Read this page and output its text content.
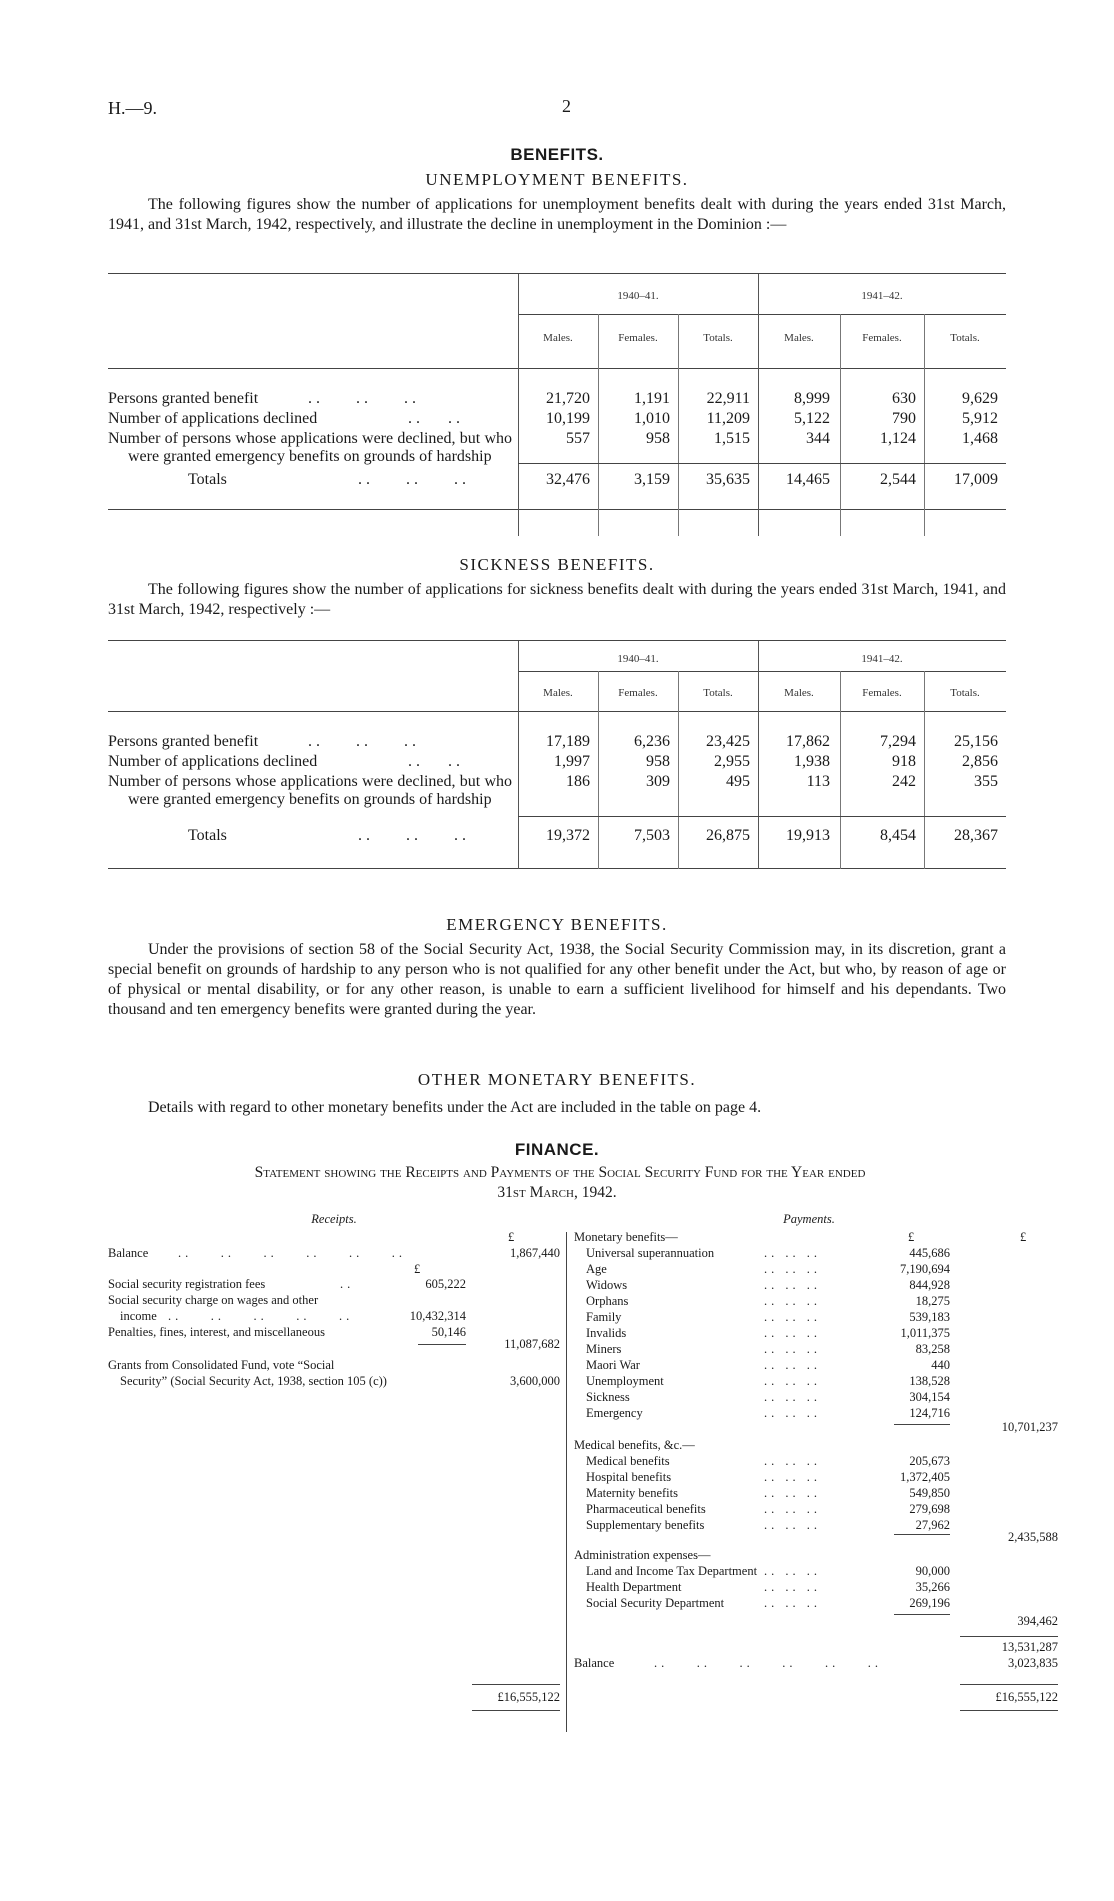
H.—9.	2
BENEFITS.
UNEMPLOYMENT BENEFITS.
The following figures show the number of applications for unemployment benefits dealt with during the years ended 31st March, 1941, and 31st March, 1942, respectively, and illustrate the decline in unemployment in the Dominion :—
1940–41.	1941–42.
Males.	Females.	Totals.	Males.	Females.	Totals.
Persons granted benefit	..    ..    ..	21,720	1,191	22,911	8,999	630	9,629
Number of applications declined	..   ..	10,199	1,010	11,209	5,122	790	5,912
Number of persons whose applications were declined, but who were granted emergency benefits on grounds of hardship
557	958	1,515	344	1,124	1,468
Totals	..    ..    ..	32,476	3,159	35,635	14,465	2,544	17,009
SICKNESS BENEFITS.
The following figures show the number of applications for sickness benefits dealt with during the years ended 31st March, 1941, and 31st March, 1942, respectively :—
1940–41.	1941–42.
Males.	Females.	Totals.	Males.	Females.	Totals.
Persons granted benefit	..    ..    ..	17,189	6,236	23,425	17,862	7,294	25,156
Number of applications declined	..   ..	1,997	958	2,955	1,938	918	2,856
Number of persons whose applications were declined, but who were granted emergency benefits on grounds of hardship
186	309	495	113	242	355
Totals	..    ..    ..	19,372	7,503	26,875	19,913	8,454	28,367
EMERGENCY BENEFITS.
Under the provisions of section 58 of the Social Security Act, 1938, the Social Security Commission may, in its discretion, grant a special benefit on grounds of hardship to any person who is not qualified for any other benefit under the Act, but who, by reason of age or of physical or mental disability, or for any other reason, is unable to earn a sufficient livelihood for himself and his dependants. Two thousand and ten emergency benefits were granted during the year.
OTHER MONETARY BENEFITS.
Details with regard to other monetary benefits under the Act are included in the table on page 4.
FINANCE.
Statement showing the Receipts and Payments of the Social Security Fund for the Year ended
31st March, 1942.
Receipts.
£
Balance ..    ..    ..    ..    ..    ..	1,867,440
£
Social security registration fees	..	605,222
Social security charge on wages and other
income ..    ..    ..    ..    ..	10,432,314
Penalties, fines, interest, and miscellaneous	50,146
11,087,682
Grants from Consolidated Fund, vote “Social
Security” (Social Security Act, 1938, section 105 (c))	3,600,000
£16,555,122
Payments.
Monetary benefits—	£	£
Universal superannuation	.. .. ..	445,686
Age	.. .. ..	7,190,694
Widows	.. .. ..	844,928
Orphans	.. .. ..	18,275
Family	.. .. ..	539,183
Invalids	.. .. ..	1,011,375
Miners	.. .. ..	83,258
Maori War	.. .. ..	440
Unemployment	.. .. ..	138,528
Sickness	.. .. ..	304,154
Emergency	.. .. ..	124,716
10,701,237
Medical benefits, &c.—
Medical benefits	.. .. ..	205,673
Hospital benefits	.. .. ..	1,372,405
Maternity benefits	.. .. ..	549,850
Pharmaceutical benefits	.. .. ..	279,698
Supplementary benefits	.. .. ..	27,962
2,435,588
Administration expenses—
Land and Income Tax Department .. .. ..	90,000
Health Department	.. .. ..	35,266
Social Security Department	.. .. ..	269,196
394,462
13,531,287
Balance	..    ..    ..    ..    ..    ..	3,023,835
£16,555,122
